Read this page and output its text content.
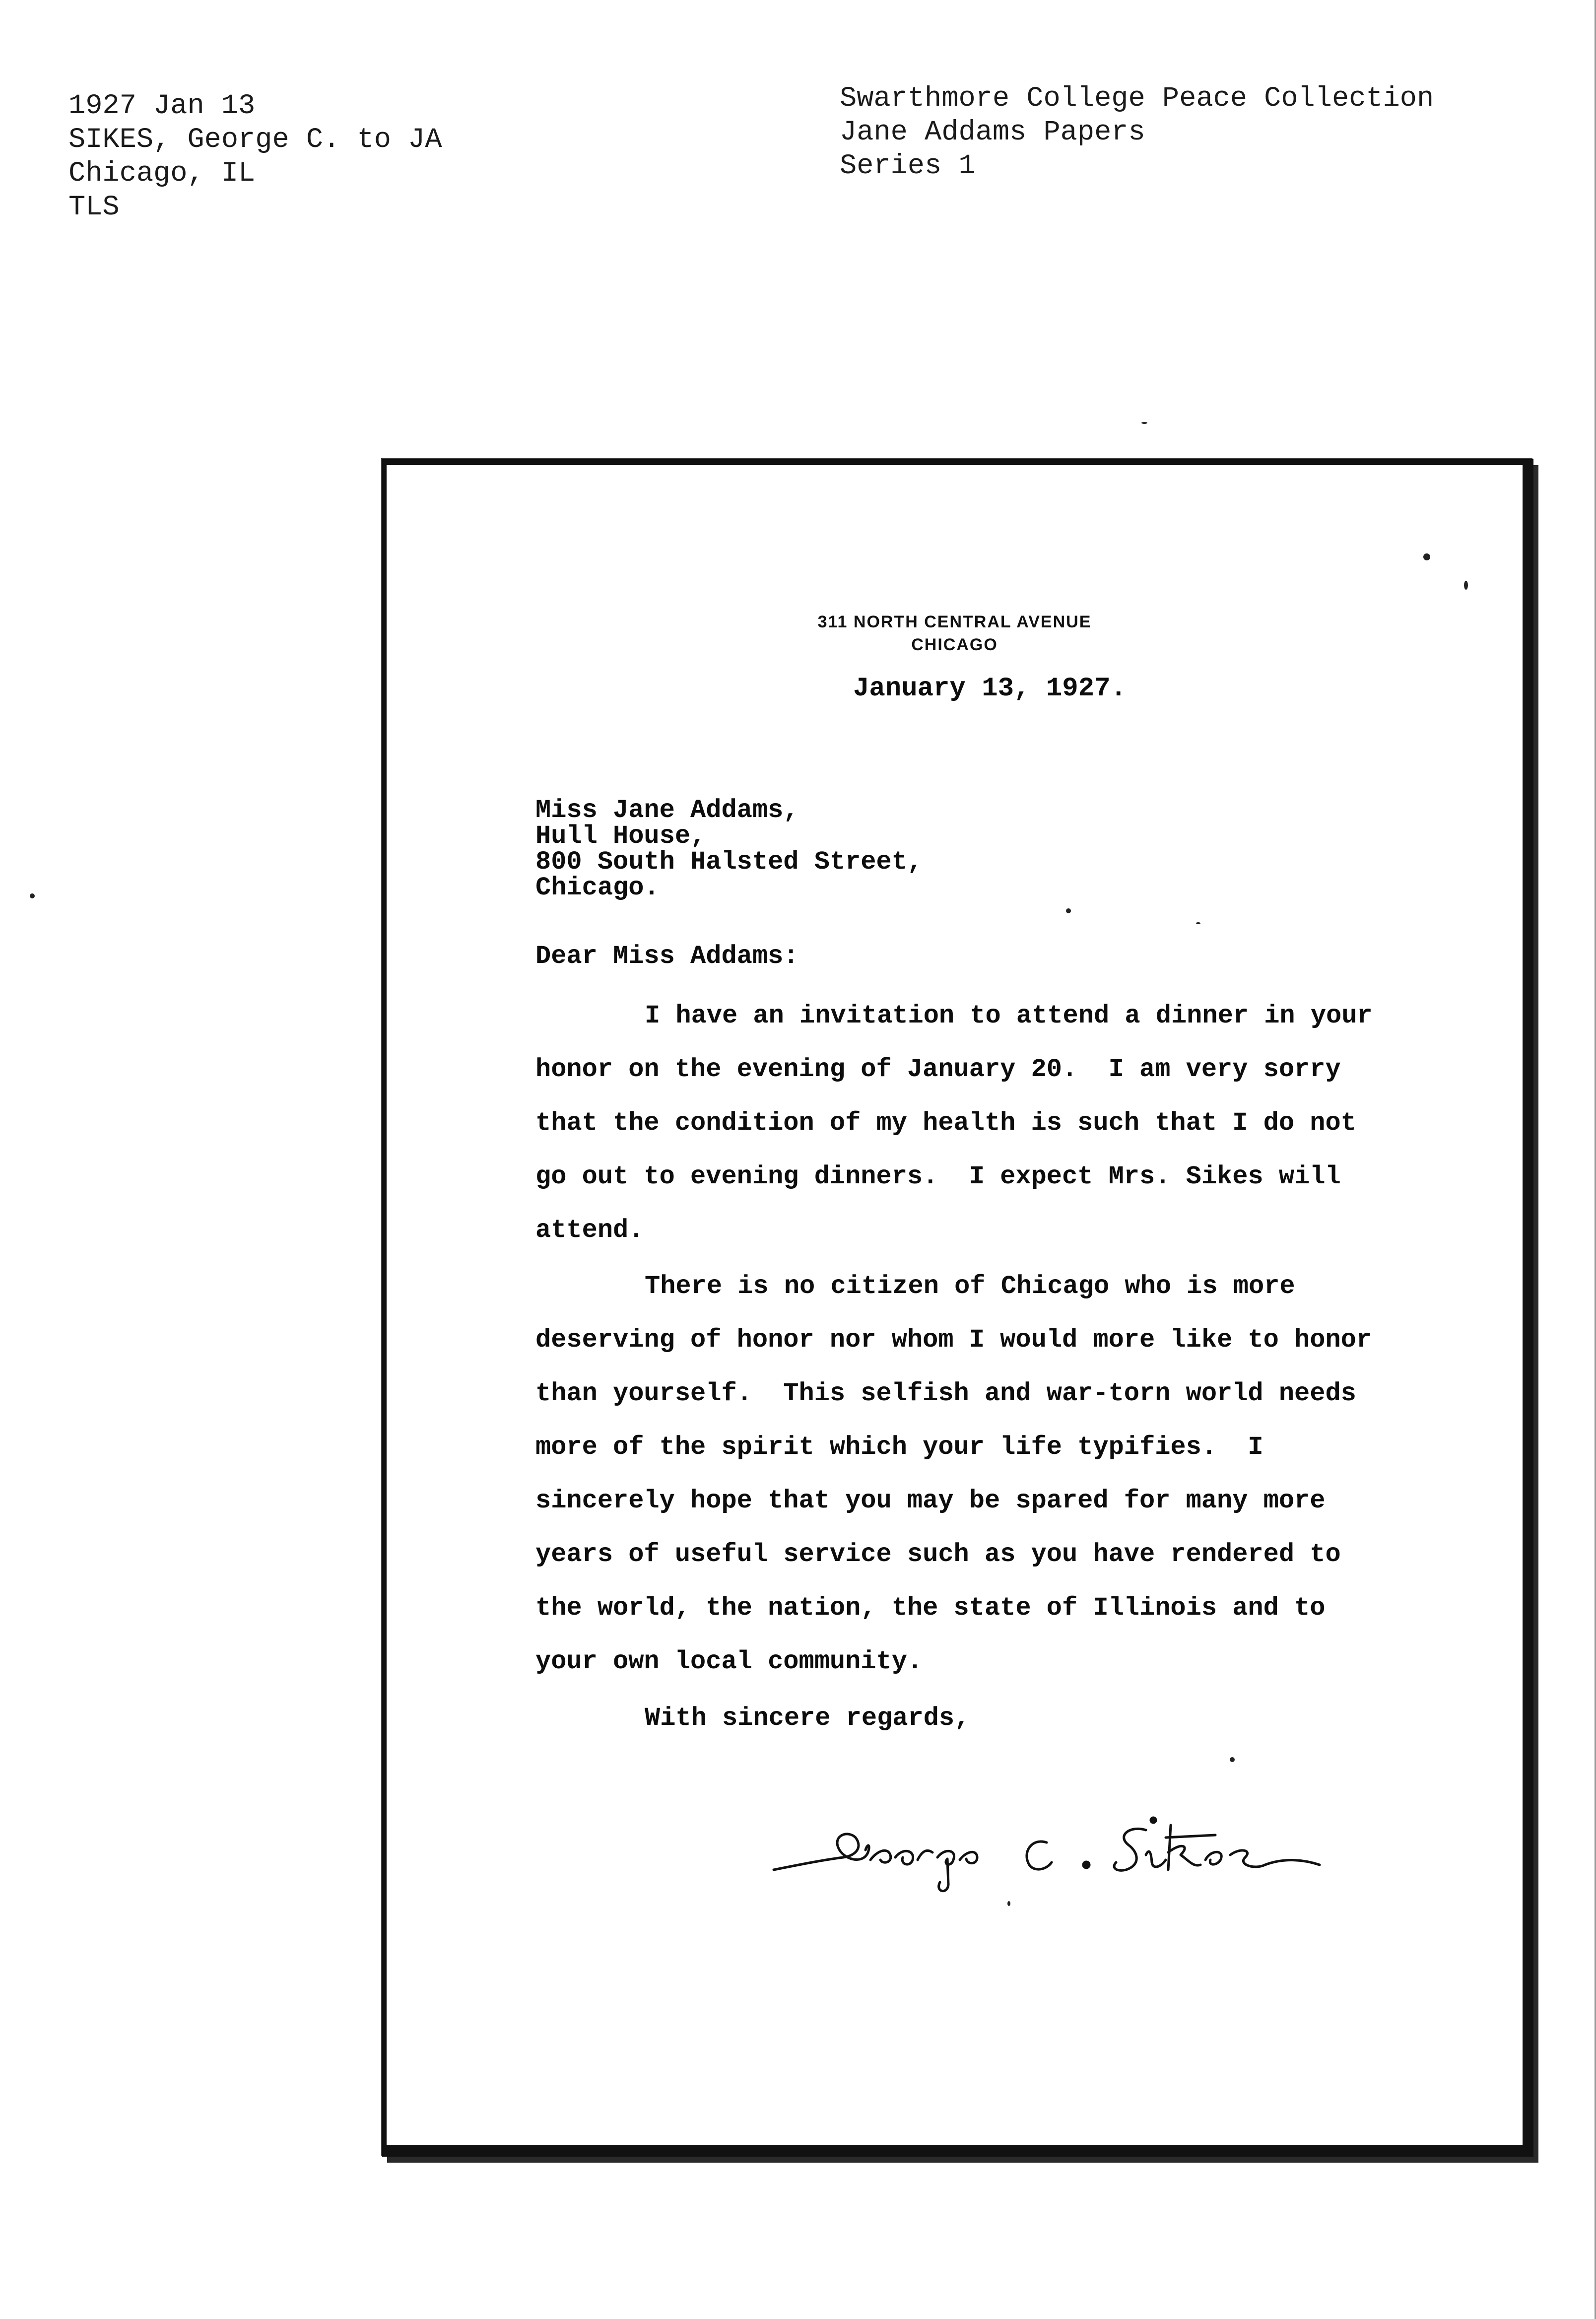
1927 Jan 13
SIKES, George C. to JA
Chicago, IL
TLS
Swarthmore College Peace Collection
Jane Addams Papers
Series 1
311 NORTH CENTRAL AVENUE
CHICAGO
January 13, 1927.
Miss Jane Addams,
Hull House,
800 South Halsted Street,
Chicago.
Dear Miss Addams:
I have an invitation to attend a dinner in your
honor on the evening of January 20.  I am very sorry
that the condition of my health is such that I do not
go out to evening dinners.  I expect Mrs. Sikes will
attend.
There is no citizen of Chicago who is more
deserving of honor nor whom I would more like to honor
than yourself.  This selfish and war-torn world needs
more of the spirit which your life typifies.  I
sincerely hope that you may be spared for many more
years of useful service such as you have rendered to
the world, the nation, the state of Illinois and to
your own local community.
With sincere regards,
